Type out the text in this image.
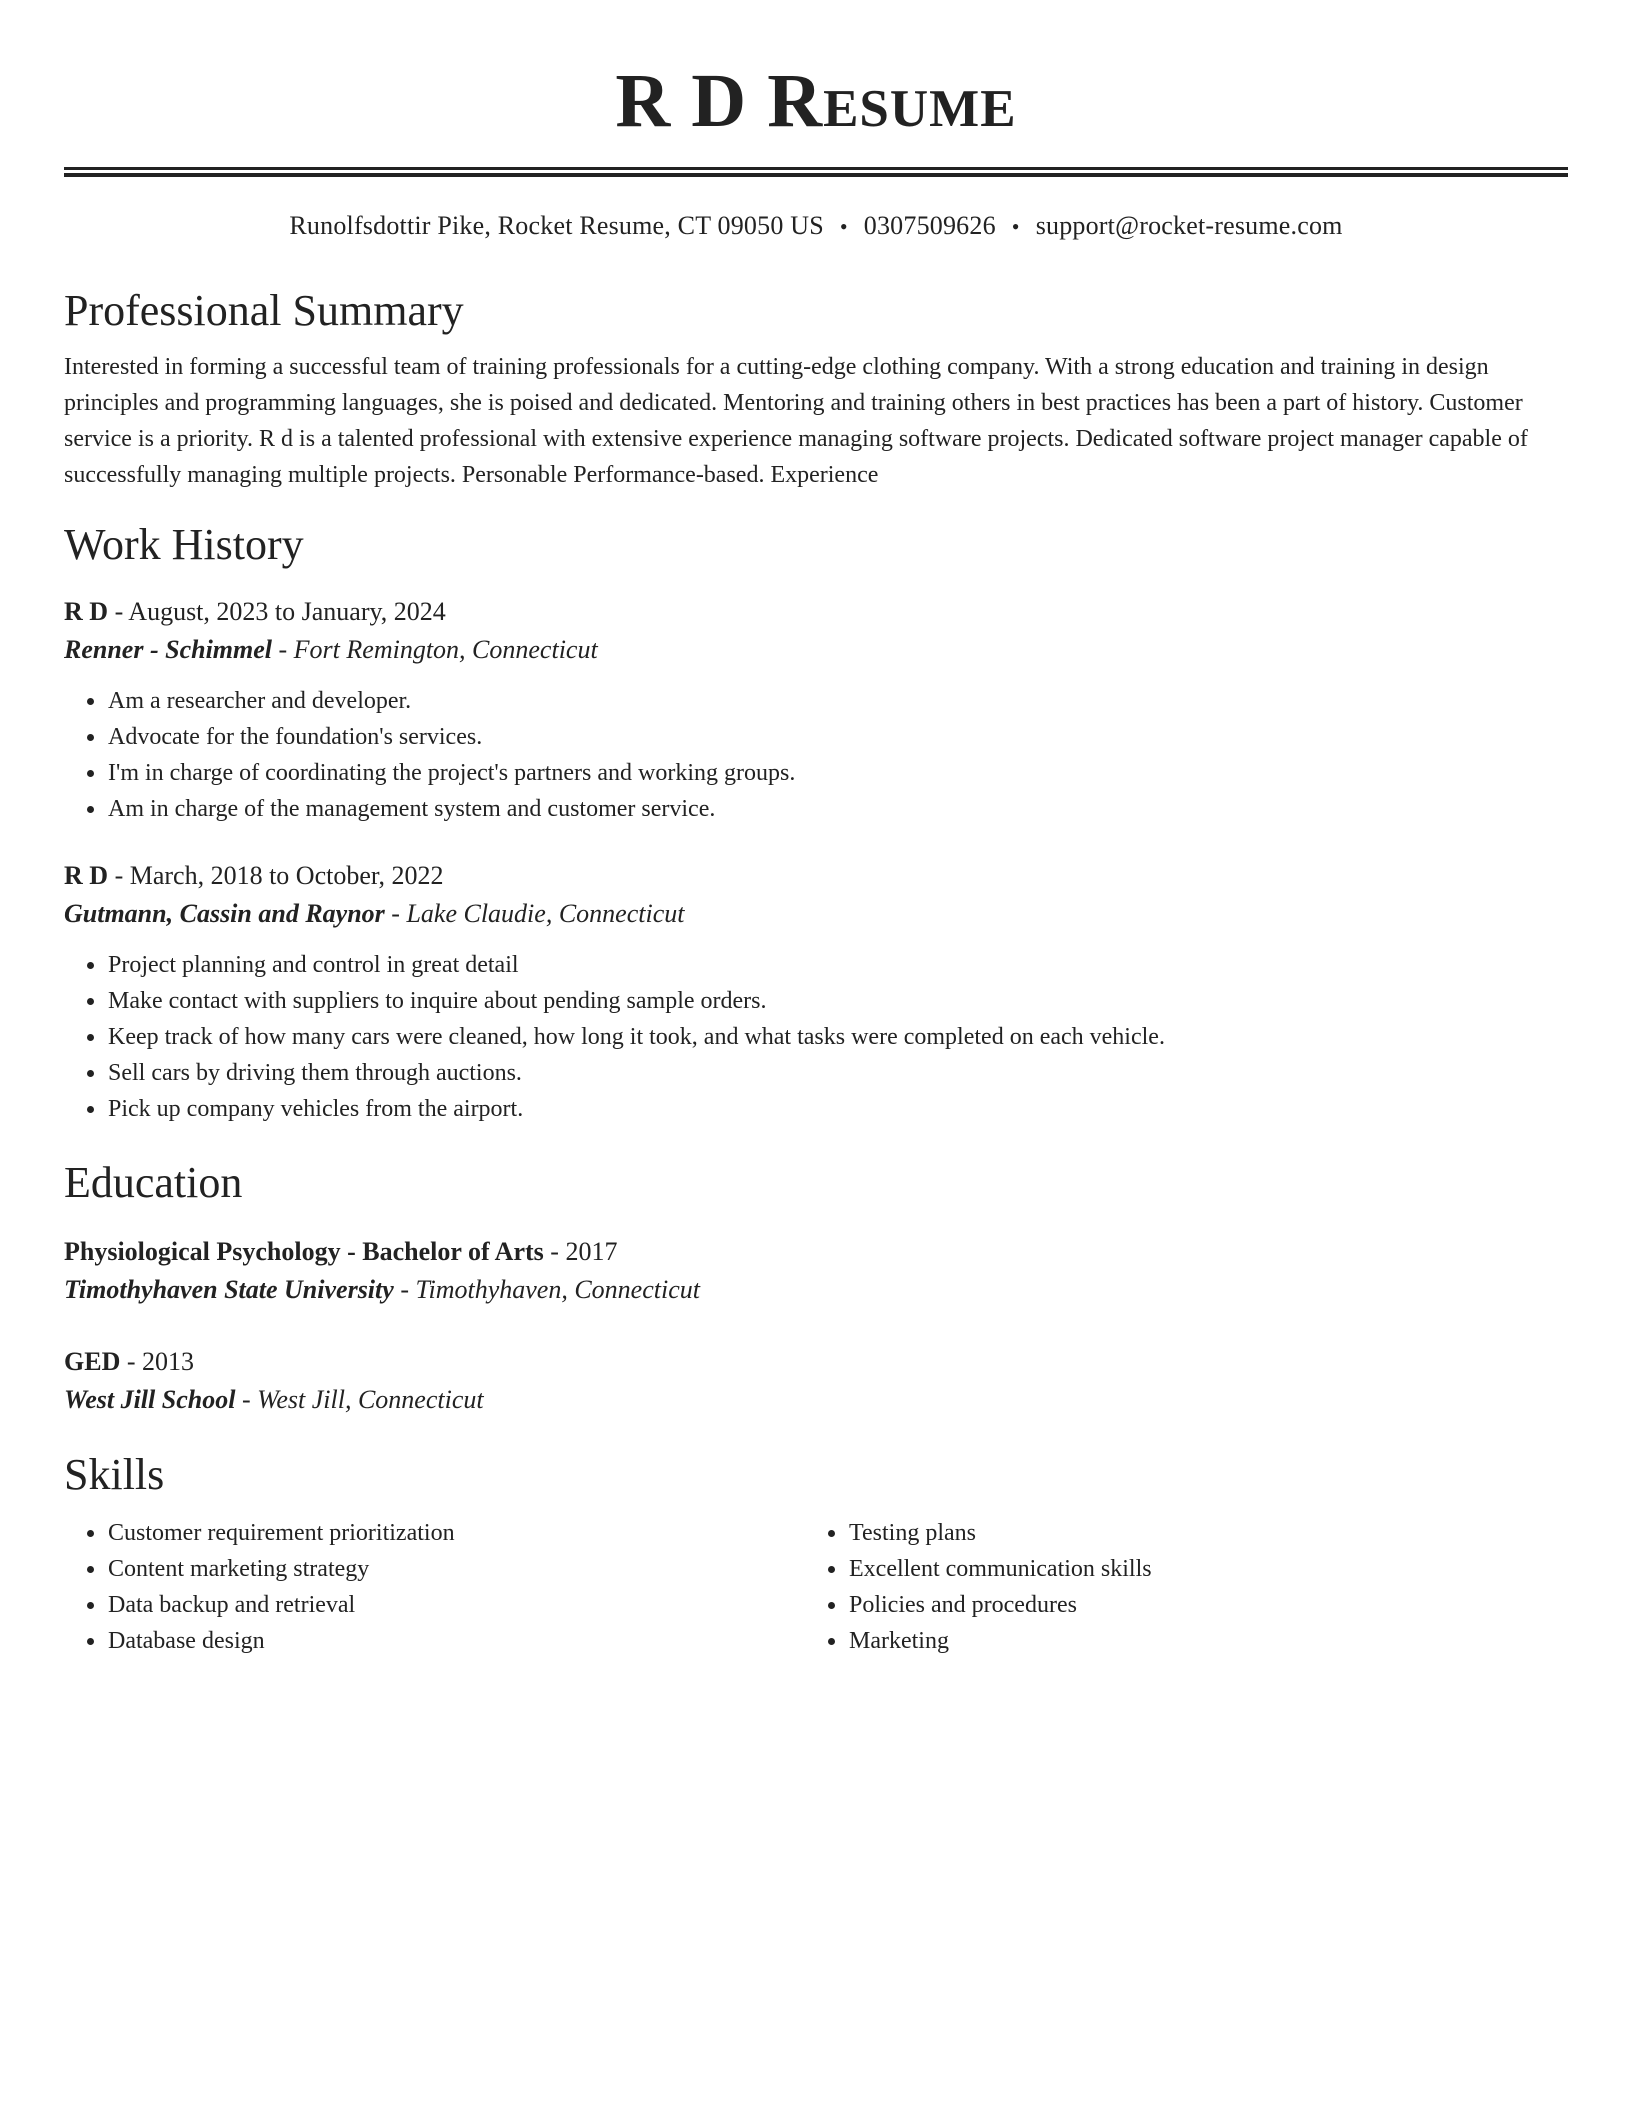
R D Resume
Runolfsdottir Pike, Rocket Resume, CT 09050 US • 0307509626 • support@rocket-resume.com
Professional Summary

Interested in forming a successful team of training professionals for a cutting-edge clothing company. With a strong education and training in design principles and programming languages, she is poised and dedicated. Mentoring and training others in best practices has been a part of history. Customer service is a priority. R d is a talented professional with extensive experience managing software projects. Dedicated software project manager capable of successfully managing multiple projects. Personable Performance-based. Experience

Work History

R D - August, 2023 to January, 2024

Renner - Schimmel - Fort Remington, Connecticut

• Am a researcher and developer.
• Advocate for the foundation's services.
• I'm in charge of coordinating the project's partners and working groups.
• Am in charge of the management system and customer service.

R D - March, 2018 to October, 2022

Gutmann, Cassin and Raynor - Lake Claudie, Connecticut

• Project planning and control in great detail
• Make contact with suppliers to inquire about pending sample orders.
• Keep track of how many cars were cleaned, how long it took, and what tasks were completed on each vehicle.
• Sell cars by driving them through auctions.
• Pick up company vehicles from the airport.
Education

Physiological Psychology - Bachelor of Arts - 2017

Timothyhaven State University - Timothyhaven, Connecticut

GED - 2013

West Jill School - West Jill, Connecticut

Skills
• Customer requirement prioritization
• Content marketing strategy
• Data backup and retrieval
• Database design
• Testing plans
• Excellent communication skills
• Policies and procedures
• Marketing
